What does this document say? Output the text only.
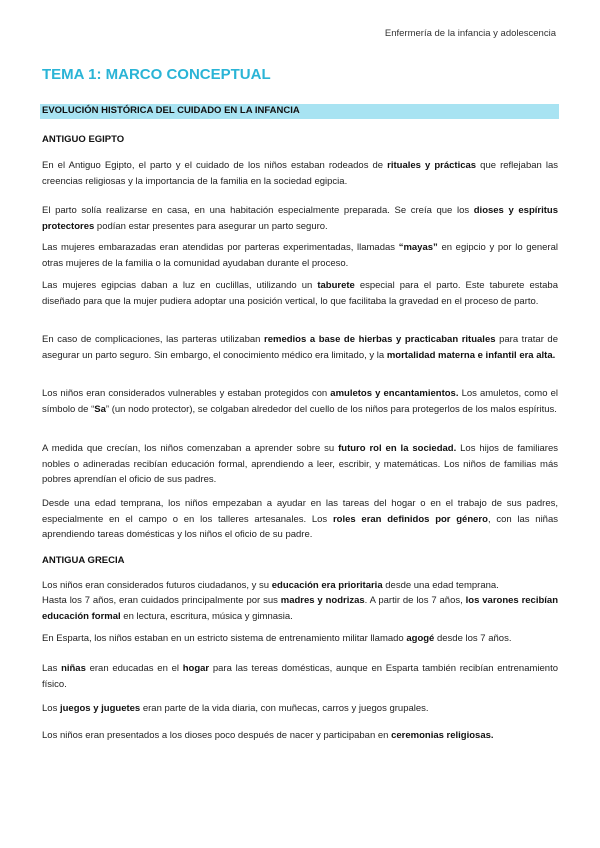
Enfermería de la infancia y adolescencia
TEMA 1: MARCO CONCEPTUAL
EVOLUCIÓN HISTÓRICA DEL CUIDADO EN LA INFANCIA
ANTIGUO EGIPTO

En el Antiguo Egipto, el parto y el cuidado de los niños estaban rodeados de rituales y prácticas que reflejaban las creencias religiosas y la importancia de la familia en la sociedad egipcia.

El parto solía realizarse en casa, en una habitación especialmente preparada. Se creía que los dioses y espíritus protectores podían estar presentes para asegurar un parto seguro.

Las mujeres embarazadas eran atendidas por parteras experimentadas, llamadas “mayas” en egipcio y por lo general otras mujeres de la familia o la comunidad ayudaban durante el proceso.

Las mujeres egipcias daban a luz en cuclillas, utilizando un taburete especial para el parto. Este taburete estaba diseñado para que la mujer pudiera adoptar una posición vertical, lo que facilitaba la gravedad en el proceso de parto.

En caso de complicaciones, las parteras utilizaban remedios a base de hierbas y practicaban rituales para tratar de asegurar un parto seguro. Sin embargo, el conocimiento médico era limitado, y la mortalidad materna e infantil era alta.

Los niños eran considerados vulnerables y estaban protegidos con amuletos y encantamientos. Los amuletos, como el símbolo de “Sa” (un nodo protector), se colgaban alrededor del cuello de los niños para protegerlos de los malos espíritus.

A medida que crecían, los niños comenzaban a aprender sobre su futuro rol en la sociedad. Los hijos de familiares nobles o adineradas recibían educación formal, aprendiendo a leer, escribir, y matemáticas. Los niños de familias más pobres aprendían el oficio de sus padres.

Desde una edad temprana, los niños empezaban a ayudar en las tareas del hogar o en el trabajo de sus padres, especialmente en el campo o en los talleres artesanales. Los roles eran definidos por género, con las niñas aprendiendo tareas domésticas y los niños el oficio de su padre.

ANTIGUA GRECIA

Los niños eran considerados futuros ciudadanos, y su educación era prioritaria desde una edad temprana.

Hasta los 7 años, eran cuidados principalmente por sus madres y nodrizas. A partir de los 7 años, los varones recibían educación formal en lectura, escritura, música y gimnasia.

En Esparta, los niños estaban en un estricto sistema de entrenamiento militar llamado agogé desde los 7 años.

Las niñas eran educadas en el hogar para las tereas domésticas, aunque en Esparta también recibían entrenamiento físico.

Los juegos y juguetes eran parte de la vida diaria, con muñecas, carros y juegos grupales.

Los niños eran presentados a los dioses poco después de nacer y participaban en ceremonias religiosas.
